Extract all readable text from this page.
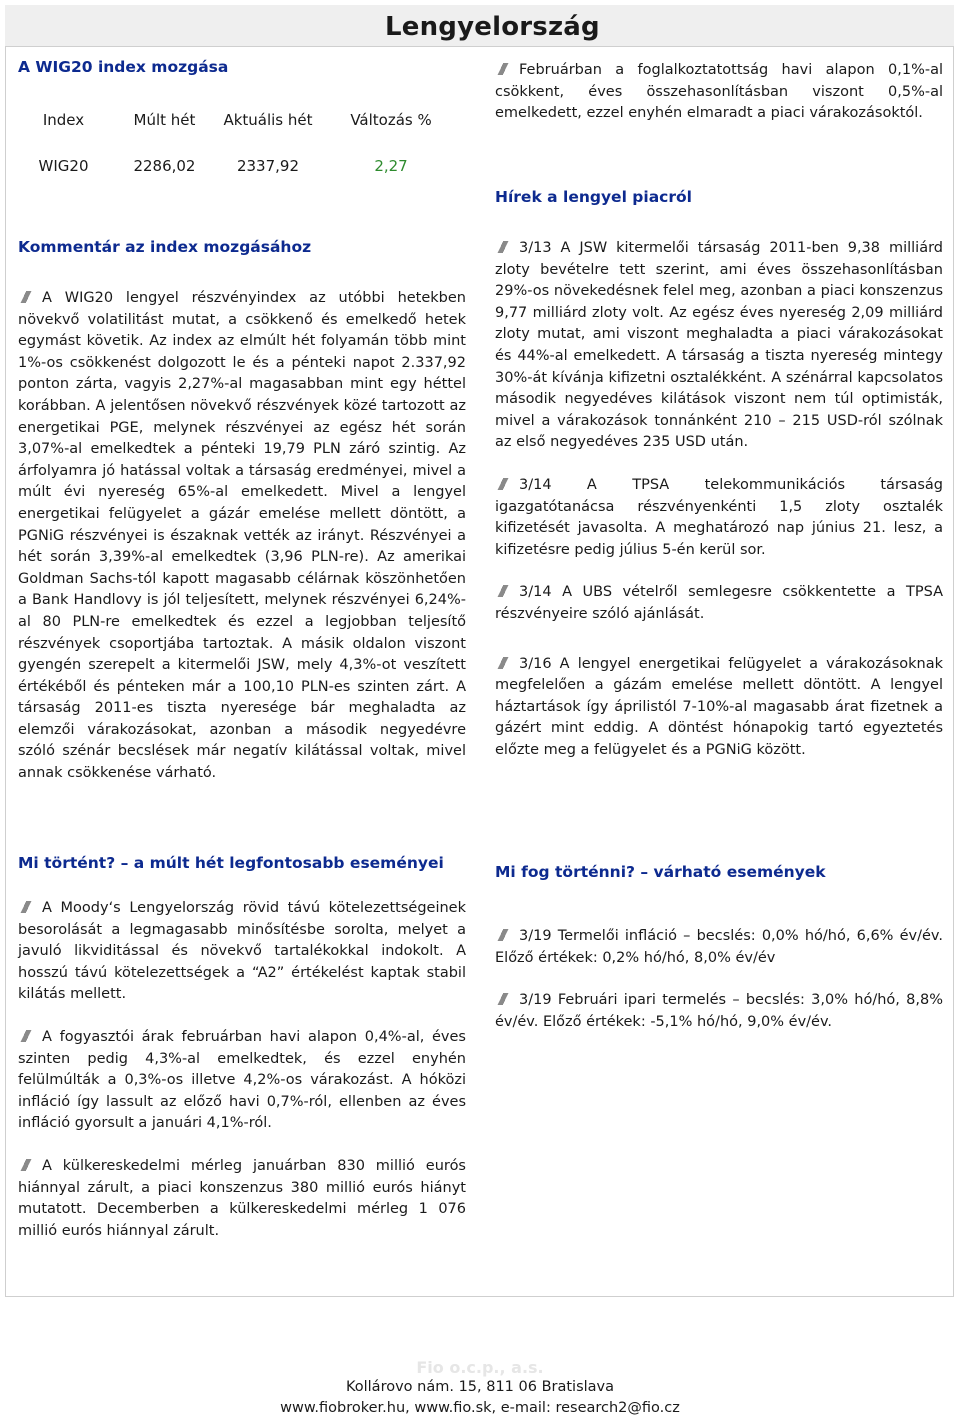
Lengyelország
A WIG20 index mozgása
Index	Múlt hét	Aktuális hét	Változás %
WIG20	2286,02	2337,92	2,27

Februárban a foglalkoztatottság havi alapon 0,1%-al csökkent, éves összehasonlításban viszont 0,5%-al emelkedett, ezzel enyhén elmaradt a piaci várakozásoktól.

Hírek a lengyel piacról
Kommentár az index mozgásához

A WIG20 lengyel részvényindex az utóbbi hetekben növekvő volatilitást mutat, a csökkenő és emelkedő hetek egymást követik. Az index az elmúlt hét folyamán több mint 1%-os csökkenést dolgozott le és a pénteki napot 2.337,92 ponton zárta, vagyis 2,27%-al magasabban mint egy héttel korábban. A jelentősen növekvő részvények közé tartozott az energetikai PGE, melynek részvényei az egész hét során 3,07%-al emelkedtek a pénteki 19,79 PLN záró szintig. Az árfolyamra jó hatással voltak a társaság eredményei, mivel a múlt évi nyereség 65%-al emelkedett. Mivel a lengyel energetikai felügyelet a gázár emelése mellett döntött, a PGNiG részvényei is északnak vették az irányt. Részvényei a hét során 3,39%-al emelkedtek (3,96 PLN-re). Az amerikai Goldman Sachs-tól kapott magasabb célárnak köszönhetően a Bank Handlovy is jól teljesített, melynek részvényei 6,24%-al 80 PLN-re emelkedtek és ezzel a legjobban teljesítő részvények csoportjába tartoztak. A másik oldalon viszont gyengén szerepelt a kitermelői JSW, mely 4,3%-ot veszített értékéből és pénteken már a 100,10 PLN-es szinten zárt. A társaság 2011-es tiszta nyeresége bár meghaladta az elemzői várakozásokat, azonban a második negyedévre szóló szénár becslések már negatív kilátással voltak, mivel annak csökkenése várható.

3/13 A JSW kitermelői társaság 2011-ben 9,38 milliárd zloty bevételre tett szerint, ami éves összehasonlításban 29%-os növekedésnek felel meg, azonban a piaci konszenzus 9,77 milliárd zloty volt. Az egész éves nyereség 2,09 milliárd zloty mutat, ami viszont meghaladta a piaci várakozásokat és 44%-al emelkedett. A társaság a tiszta nyereség mintegy 30%-át kívánja kifizetni osztalékként. A szénárral kapcsolatos második negyedéves kilátások viszont nem túl optimisták, mivel a várakozások tonnánként 210 – 215 USD-ról szólnak az első negyedéves 235 USD után.

3/14 A TPSA telekommunikációs társaság igazgatótanácsa részvényenkénti 1,5 zloty osztalék kifizetését javasolta. A meghatározó nap június 21. lesz, a kifizetésre pedig július 5-én kerül sor.

3/14 A UBS vételről semlegesre csökkentette a TPSA részvényeire szóló ajánlását.

3/16 A lengyel energetikai felügyelet a várakozásoknak megfelelően a gázám emelése mellett döntött. A lengyel háztartások így áprilistól 7-10%-al magasabb árat fizetnek a gázért mint eddig. A döntést hónapokig tartó egyeztetés előzte meg a felügyelet és a PGNiG között.

Mi történt? – a múlt hét legfontosabb eseményei

A Moody‘s Lengyelország rövid távú kötelezettségeinek besorolását a legmagasabb minősítésbe sorolta, melyet a javuló likviditással és növekvő tartalékokkal indokolt. A hosszú távú kötelezettségek a “A2” értékelést kaptak stabil kilátás mellett.

A fogyasztói árak februárban havi alapon 0,4%-al, éves szinten pedig 4,3%-al emelkedtek, és ezzel enyhén felülmúlták a 0,3%-os illetve 4,2%-os várakozást. A hóközi infláció így lassult az előző havi 0,7%-ról, ellenben az éves infláció gyorsult a januári 4,1%-ról.

A külkereskedelmi mérleg januárban 830 millió eurós hiánnyal zárult, a piaci konszenzus 380 millió eurós hiányt mutatott. Decemberben a külkereskedelmi mérleg 1 076 millió eurós hiánnyal zárult.

Mi fog történni? – várható események

3/19 Termelői infláció – becslés: 0,0% hó/hó, 6,6% év/év. Előző értékek: 0,2% hó/hó, 8,0% év/év

3/19 Februári ipari termelés – becslés: 3,0% hó/hó, 8,8% év/év. Előző értékek: -5,1% hó/hó, 9,0% év/év.

Fio o.c.p., a.s.
Kollárovo nám. 15, 811 06 Bratislava
www.fiobroker.hu, www.fio.sk, e-mail: research2@fio.cz
